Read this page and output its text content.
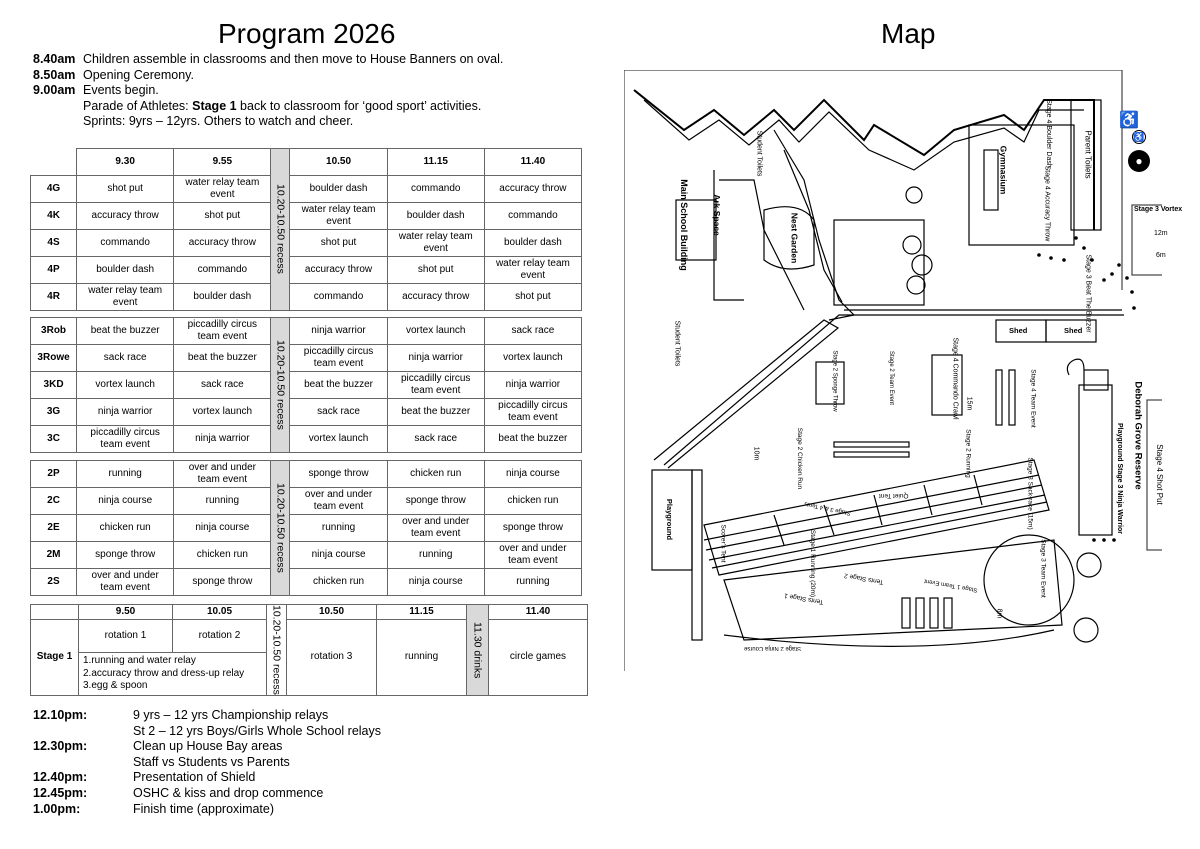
Program 2026	Map
8.40am Children assemble in classrooms and then move to House Banners on oval.
8.50am Opening Ceremony.
9.00am Events begin.
Parade of Athletes: Stage 1 back to classroom for ‘good sport’ activities.
Sprints: 9yrs – 12yrs. Others to watch and cheer.
	9.30	9.55	10.20-10.50 recess	10.50	11.15	11.40
4G	shot put	water relay team event		boulder dash	commando	accuracy throw
4K	accuracy throw	shot put		water relay team event	boulder dash	commando
4S	commando	accuracy throw		shot put	water relay team event	boulder dash
4P	boulder dash	commando		accuracy throw	shot put	water relay team event
4R	water relay team event	boulder dash		commando	accuracy throw	shot put
3Rob	beat the buzzer	piccadilly circus team event	10.20-10.50 recess	ninja warrior	vortex launch	sack race
3Rowe	sack race	beat the buzzer		piccadilly circus team event	ninja warrior	vortex launch
3KD	vortex launch	sack race		beat the buzzer	piccadilly circus team event	ninja warrior
3G	ninja warrior	vortex launch		sack race	beat the buzzer	piccadilly circus team event
3C	piccadilly circus team event	ninja warrior		vortex launch	sack race	beat the buzzer
2P	running	over and under team event	10.20-10.50 recess	sponge throw	chicken run	ninja course
2C	ninja course	running		over and under team event	sponge throw	chicken run
2E	chicken run	ninja course		running	over and under team event	sponge throw
2M	sponge throw	chicken run		ninja course	running	over and under team event
2S	over and under team event	sponge throw		chicken run	ninja course	running
	9.50	10.05	10.20-10.50 recess	10.50	11.15	11.30 drinks	11.40
Stage 1	rotation 1	rotation 2		rotation 3	running		circle games

	1.running and water relay
2.accuracy throw and dress-up relay
3.egg & spoon						
12.10pm:	9 yrs – 12 yrs Championship relays
St 2 – 12 yrs Boys/Girls Whole School relays
12.30pm:	Clean up House Bay areas
Staff vs Students vs Parents
12.40pm:	Presentation of Shield
12.45pm:	OSHC & kiss and drop commence
1.00pm:	Finish time (approximate)
Main School Building	Ark Space	Nest Garden
Student Toilets
Student Toilets
Gymnasium
Stage 4 Boulder Dash
Stage 4 Accuracy Throw
Parent Toilets
Stage 3 Vortex
12m
6m
Stage 3 Beat The Buzzer
Shed	Shed
Deborah Grove Reserve Stage 4 Shot Put
Stage 4 Commando Crawl
Stage 2 Sponge Throw	Stage 2 Team Event	Stage 4 Team Event
15m
10m	Stage 2 Chicken Run	Stage 2 Running
Quiet Tent
Stage 3 & 4 Tents	Stage 3 Sack-race (15m)	Playground Stage 3 Ninja Warrior
Playground
Scorer’s Tent	Stage 1 Running (20m)	Tents Stage 2	Stage 1 Team Event	Stage 3 Team Event
Tents Stage 1
8m
Stage 2 Ninja Course
♿
♿
●
